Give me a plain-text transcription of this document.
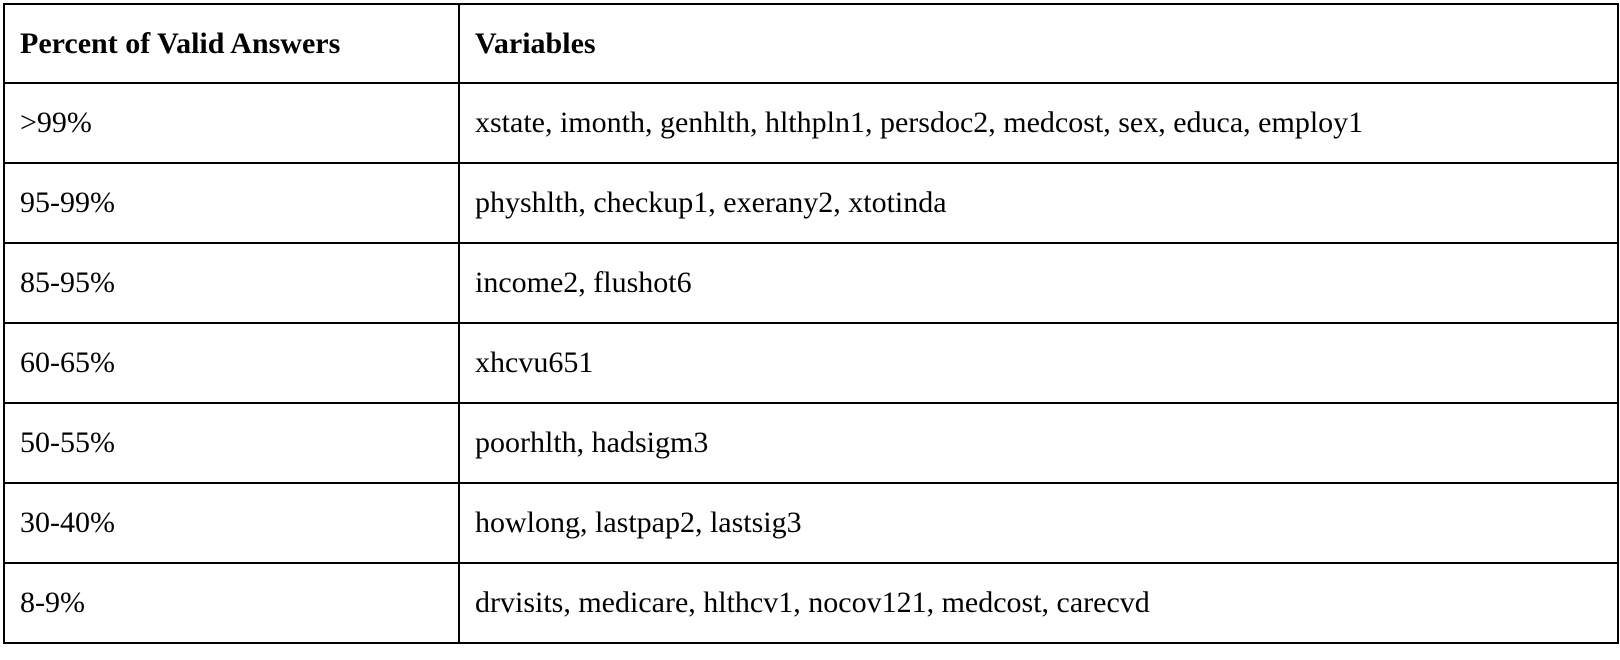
Percent of Valid Answers	Variables
>99%	xstate, imonth, genhlth, hlthpln1, persdoc2, medcost, sex, educa, employ1
95-99%	physhlth, checkup1, exerany2, xtotinda
85-95%	income2, flushot6
60-65%	xhcvu651
50-55%	poorhlth, hadsigm3
30-40%	howlong, lastpap2, lastsig3
8-9%	drvisits, medicare, hlthcv1, nocov121, medcost, carecvd
